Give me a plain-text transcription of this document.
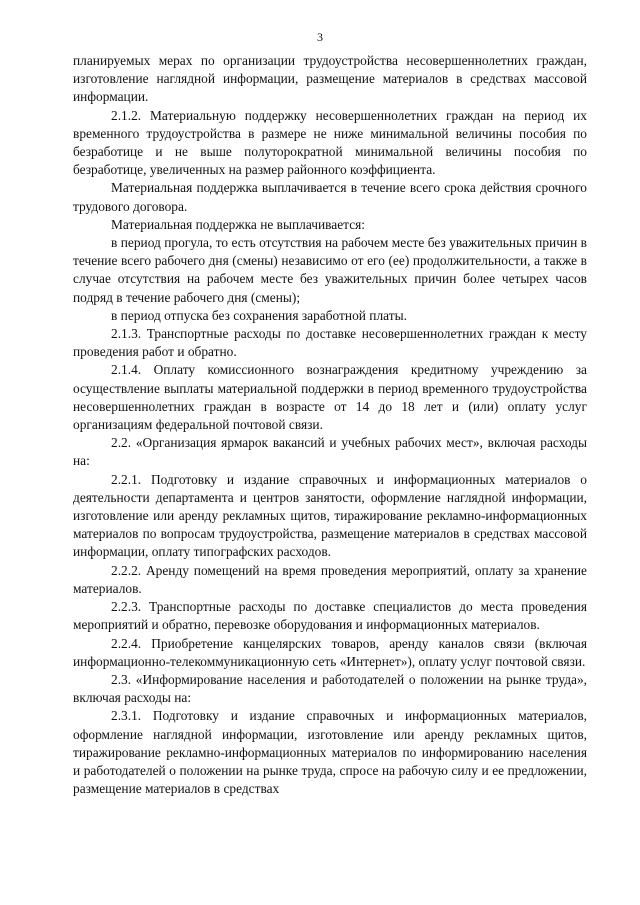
3

планируемых мерах по организации трудоустройства несовершеннолетних граждан, изготовление наглядной информации, размещение материалов в средствах массовой информации.

2.1.2. Материальную поддержку несовершеннолетних граждан на период их временного трудоустройства в размере не ниже минимальной величины пособия по безработице и не выше полуторократной минимальной величины пособия по безработице, увеличенных на размер районного коэффициента.

Материальная поддержка выплачивается в течение всего срока действия срочного трудового договора.

Материальная поддержка не выплачивается:

в период прогула, то есть отсутствия на рабочем месте без уважительных причин в течение всего рабочего дня (смены) независимо от его (ее) продолжительности, а также в случае отсутствия на рабочем месте без уважительных причин более четырех часов подряд в течение рабочего дня (смены);

в период отпуска без сохранения заработной платы.

2.1.3. Транспортные расходы по доставке несовершеннолетних граждан к месту проведения работ и обратно.

2.1.4. Оплату комиссионного вознаграждения кредитному учреждению за осуществление выплаты материальной поддержки в период временного трудоустройства несовершеннолетних граждан в возрасте от 14 до 18 лет и (или) оплату услуг организациям федеральной почтовой связи.

2.2. «Организация ярмарок вакансий и учебных рабочих мест», включая расходы на:

2.2.1. Подготовку и издание справочных и информационных материалов о деятельности департамента и центров занятости, оформление наглядной информации, изготовление или аренду рекламных щитов, тиражирование рекламно-информационных материалов по вопросам трудоустройства, размещение материалов в средствах массовой информации, оплату типографских расходов.

2.2.2. Аренду помещений на время проведения мероприятий, оплату за хранение материалов.

2.2.3. Транспортные расходы по доставке специалистов до места проведения мероприятий и обратно, перевозке оборудования и информационных материалов.

2.2.4. Приобретение канцелярских товаров, аренду каналов связи (включая информационно-телекоммуникационную сеть «Интернет»), оплату услуг почтовой связи.

2.3. «Информирование населения и работодателей о положении на рынке труда», включая расходы на:

2.3.1. Подготовку и издание справочных и информационных материалов, оформление наглядной информации, изготовление или аренду рекламных щитов, тиражирование рекламно-информационных материалов по информированию населения и работодателей о положении на рынке труда, спросе на рабочую силу и ее предложении, размещение материалов в средствах
